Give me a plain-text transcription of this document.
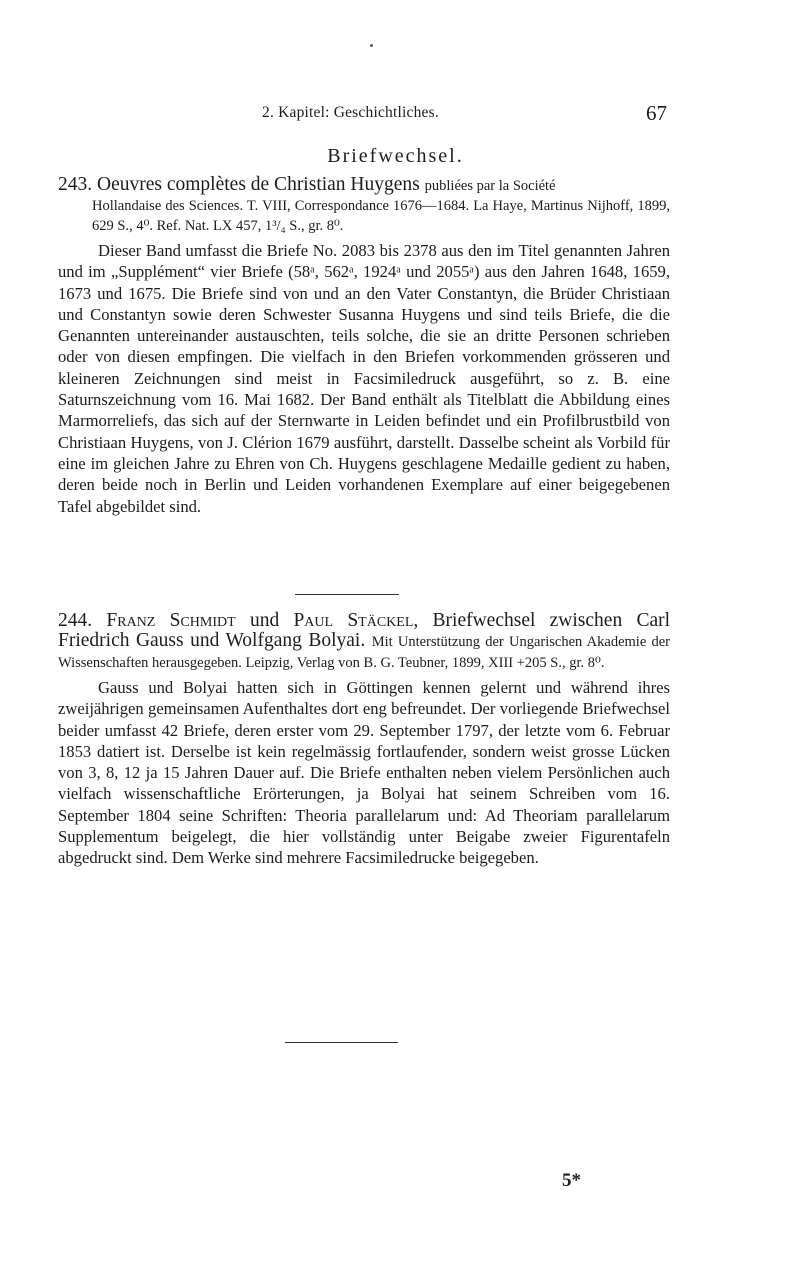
2. Kapitel: Geschichtliches.	67
Briefwechsel.
243. Oeuvres complètes de Christian Huygens publiées par la Société
Hollandaise des Sciences. T. VIII, Correspondance 1676—1684. La Haye, Martinus Nijhoff, 1899, 629 S., 4⁰. Ref. Nat. LX 457, 1³/₄ S., gr. 8⁰.
Dieser Band umfasst die Briefe No. 2083 bis 2378 aus den im Titel genannten Jahren und im „Supplément“ vier Briefe (58ᵃ, 562ᵃ, 1924ᵃ und 2055ᵃ) aus den Jahren 1648, 1659, 1673 und 1675. Die Briefe sind von und an den Vater Constantyn, die Brüder Christiaan und Constantyn sowie deren Schwester Susanna Huygens und sind teils Briefe, die die Genannten untereinander austauschten, teils solche, die sie an dritte Personen schrieben oder von diesen empfingen. Die vielfach in den Briefen vorkommenden grösseren und kleineren Zeichnungen sind meist in Facsimiledruck ausgeführt, so z. B. eine Saturnszeichnung vom 16. Mai 1682. Der Band enthält als Titelblatt die Abbildung eines Marmorreliefs, das sich auf der Sternwarte in Leiden befindet und ein Profilbrustbild von Christiaan Huygens, von J. Clérion 1679 ausführt, darstellt. Dasselbe scheint als Vorbild für eine im gleichen Jahre zu Ehren von Ch. Huygens geschlagene Medaille gedient zu haben, deren beide noch in Berlin und Leiden vorhandenen Exemplare auf einer beigegebenen Tafel abgebildet sind.
244. Franz Schmidt und Paul Stäckel, Briefwechsel zwischen Carl Friedrich Gauss und Wolfgang Bolyai. Mit Unterstützung der Ungarischen Akademie der Wissenschaften herausgegeben. Leipzig, Verlag von B. G. Teubner, 1899, XIII +205 S., gr. 8⁰.
Gauss und Bolyai hatten sich in Göttingen kennen gelernt und während ihres zweijährigen gemeinsamen Aufenthaltes dort eng befreundet. Der vorliegende Briefwechsel beider umfasst 42 Briefe, deren erster vom 29. September 1797, der letzte vom 6. Februar 1853 datiert ist. Derselbe ist kein regelmässig fortlaufender, sondern weist grosse Lücken von 3, 8, 12 ja 15 Jahren Dauer auf. Die Briefe enthalten neben vielem Persönlichen auch vielfach wissenschaftliche Erörterungen, ja Bolyai hat seinem Schreiben vom 16. September 1804 seine Schriften: Theoria parallelarum und: Ad Theoriam parallelarum Supplementum beigelegt, die hier vollständig unter Beigabe zweier Figurentafeln abgedruckt sind. Dem Werke sind mehrere Facsimiledrucke beigegeben.
5*
